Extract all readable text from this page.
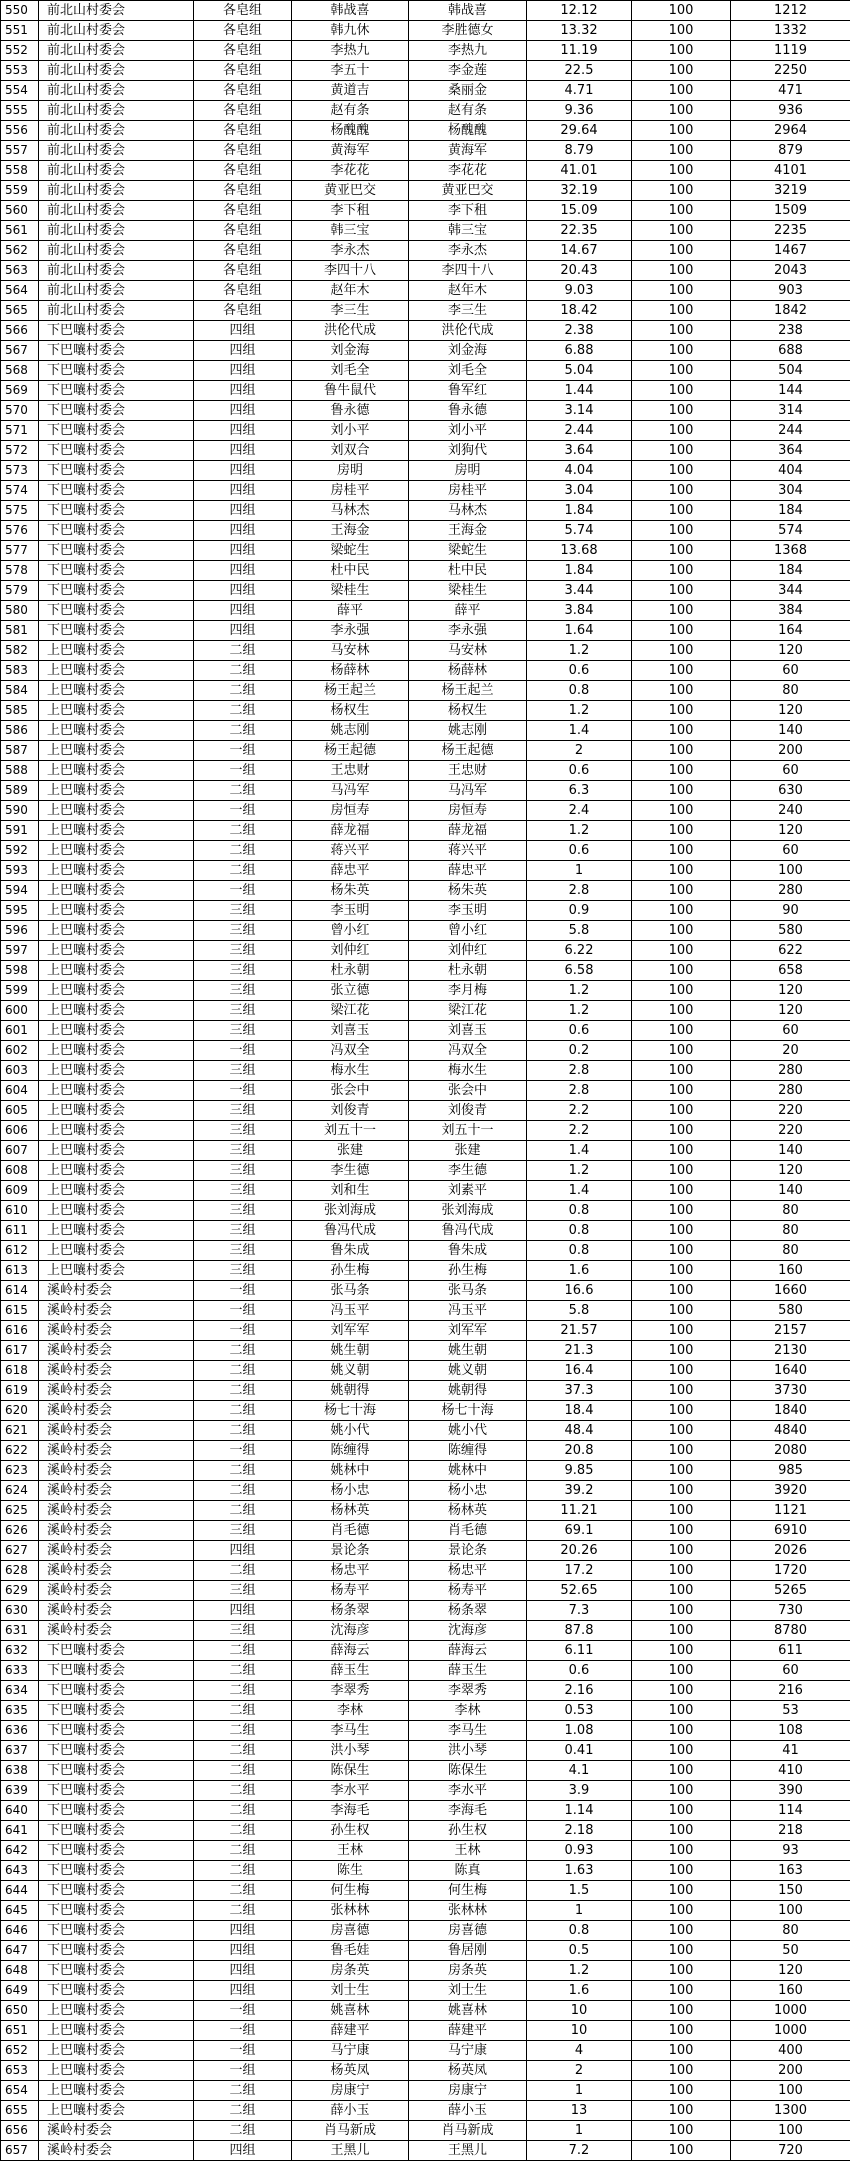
550	前北山村委会	各皂组	韩战喜	韩战喜	12.12	100	1212
551	前北山村委会	各皂组	韩九休	李胜德女	13.32	100	1332
552	前北山村委会	各皂组	李热九	李热九	11.19	100	1119
553	前北山村委会	各皂组	李五十	李金莲	22.5	100	2250
554	前北山村委会	各皂组	黄道吉	桑丽金	4.71	100	471
555	前北山村委会	各皂组	赵有条	赵有条	9.36	100	936
556	前北山村委会	各皂组	杨醜醜	杨醜醜	29.64	100	2964
557	前北山村委会	各皂组	黄海军	黄海军	8.79	100	879
558	前北山村委会	各皂组	李花花	李花花	41.01	100	4101
559	前北山村委会	各皂组	黄亚巴交	黄亚巴交	32.19	100	3219
560	前北山村委会	各皂组	李下租	李下租	15.09	100	1509
561	前北山村委会	各皂组	韩三宝	韩三宝	22.35	100	2235
562	前北山村委会	各皂组	李永杰	李永杰	14.67	100	1467
563	前北山村委会	各皂组	李四十八	李四十八	20.43	100	2043
564	前北山村委会	各皂组	赵年木	赵年木	9.03	100	903
565	前北山村委会	各皂组	李三生	李三生	18.42	100	1842
566	下巴嚷村委会	四组	洪伦代成	洪伦代成	2.38	100	238
567	下巴嚷村委会	四组	刘金海	刘金海	6.88	100	688
568	下巴嚷村委会	四组	刘毛全	刘毛全	5.04	100	504
569	下巴嚷村委会	四组	鲁牛鼠代	鲁军红	1.44	100	144
570	下巴嚷村委会	四组	鲁永德	鲁永德	3.14	100	314
571	下巴嚷村委会	四组	刘小平	刘小平	2.44	100	244
572	下巴嚷村委会	四组	刘双合	刘狗代	3.64	100	364
573	下巴嚷村委会	四组	房明	房明	4.04	100	404
574	下巴嚷村委会	四组	房桂平	房桂平	3.04	100	304
575	下巴嚷村委会	四组	马林杰	马林杰	1.84	100	184
576	下巴嚷村委会	四组	王海金	王海金	5.74	100	574
577	下巴嚷村委会	四组	梁蛇生	梁蛇生	13.68	100	1368
578	下巴嚷村委会	四组	杜中民	杜中民	1.84	100	184
579	下巴嚷村委会	四组	梁桂生	梁桂生	3.44	100	344
580	下巴嚷村委会	四组	薛平	薛平	3.84	100	384
581	下巴嚷村委会	四组	李永强	李永强	1.64	100	164
582	上巴嚷村委会	二组	马安林	马安林	1.2	100	120
583	上巴嚷村委会	二组	杨薛林	杨薛林	0.6	100	60
584	上巴嚷村委会	二组	杨王起兰	杨王起兰	0.8	100	80
585	上巴嚷村委会	二组	杨权生	杨权生	1.2	100	120
586	上巴嚷村委会	二组	姚志刚	姚志刚	1.4	100	140
587	上巴嚷村委会	一组	杨王起德	杨王起德	2	100	200
588	上巴嚷村委会	一组	王忠财	王忠财	0.6	100	60
589	上巴嚷村委会	二组	马冯军	马冯军	6.3	100	630
590	上巴嚷村委会	一组	房恒寿	房恒寿	2.4	100	240
591	上巴嚷村委会	二组	薛龙福	薛龙福	1.2	100	120
592	上巴嚷村委会	二组	蒋兴平	蒋兴平	0.6	100	60
593	上巴嚷村委会	二组	薛忠平	薛忠平	1	100	100
594	上巴嚷村委会	一组	杨朱英	杨朱英	2.8	100	280
595	上巴嚷村委会	三组	李玉明	李玉明	0.9	100	90
596	上巴嚷村委会	三组	曾小红	曾小红	5.8	100	580
597	上巴嚷村委会	三组	刘仲红	刘仲红	6.22	100	622
598	上巴嚷村委会	三组	杜永朝	杜永朝	6.58	100	658
599	上巴嚷村委会	三组	张立德	李月梅	1.2	100	120
600	上巴嚷村委会	三组	梁江花	梁江花	1.2	100	120
601	上巴嚷村委会	三组	刘喜玉	刘喜玉	0.6	100	60
602	上巴嚷村委会	一组	冯双全	冯双全	0.2	100	20
603	上巴嚷村委会	三组	梅水生	梅水生	2.8	100	280
604	上巴嚷村委会	一组	张会中	张会中	2.8	100	280
605	上巴嚷村委会	三组	刘俊青	刘俊青	2.2	100	220
606	上巴嚷村委会	三组	刘五十一	刘五十一	2.2	100	220
607	上巴嚷村委会	三组	张建	张建	1.4	100	140
608	上巴嚷村委会	三组	李生德	李生德	1.2	100	120
609	上巴嚷村委会	三组	刘和生	刘素平	1.4	100	140
610	上巴嚷村委会	三组	张刘海成	张刘海成	0.8	100	80
611	上巴嚷村委会	三组	鲁冯代成	鲁冯代成	0.8	100	80
612	上巴嚷村委会	三组	鲁朱成	鲁朱成	0.8	100	80
613	上巴嚷村委会	三组	孙生梅	孙生梅	1.6	100	160
614	溪岭村委会	一组	张马条	张马条	16.6	100	1660
615	溪岭村委会	一组	冯玉平	冯玉平	5.8	100	580
616	溪岭村委会	一组	刘军军	刘军军	21.57	100	2157
617	溪岭村委会	二组	姚生朝	姚生朝	21.3	100	2130
618	溪岭村委会	二组	姚义朝	姚义朝	16.4	100	1640
619	溪岭村委会	二组	姚朝得	姚朝得	37.3	100	3730
620	溪岭村委会	二组	杨七十海	杨七十海	18.4	100	1840
621	溪岭村委会	二组	姚小代	姚小代	48.4	100	4840
622	溪岭村委会	一组	陈缠得	陈缠得	20.8	100	2080
623	溪岭村委会	二组	姚林中	姚林中	9.85	100	985
624	溪岭村委会	二组	杨小忠	杨小忠	39.2	100	3920
625	溪岭村委会	二组	杨林英	杨林英	11.21	100	1121
626	溪岭村委会	三组	肖毛德	肖毛德	69.1	100	6910
627	溪岭村委会	四组	景论条	景论条	20.26	100	2026
628	溪岭村委会	二组	杨忠平	杨忠平	17.2	100	1720
629	溪岭村委会	三组	杨寿平	杨寿平	52.65	100	5265
630	溪岭村委会	四组	杨条翠	杨条翠	7.3	100	730
631	溪岭村委会	三组	沈海彦	沈海彦	87.8	100	8780
632	下巴嚷村委会	二组	薛海云	薛海云	6.11	100	611
633	下巴嚷村委会	二组	薛玉生	薛玉生	0.6	100	60
634	下巴嚷村委会	二组	李翠秀	李翠秀	2.16	100	216
635	下巴嚷村委会	二组	李林	李林	0.53	100	53
636	下巴嚷村委会	二组	李马生	李马生	1.08	100	108
637	下巴嚷村委会	二组	洪小琴	洪小琴	0.41	100	41
638	下巴嚷村委会	二组	陈保生	陈保生	4.1	100	410
639	下巴嚷村委会	二组	李水平	李水平	3.9	100	390
640	下巴嚷村委会	二组	李海毛	李海毛	1.14	100	114
641	下巴嚷村委会	二组	孙生权	孙生权	2.18	100	218
642	下巴嚷村委会	二组	王林	王林	0.93	100	93
643	下巴嚷村委会	二组	陈生	陈真	1.63	100	163
644	下巴嚷村委会	二组	何生梅	何生梅	1.5	100	150
645	下巴嚷村委会	二组	张林林	张林林	1	100	100
646	下巴嚷村委会	四组	房喜德	房喜德	0.8	100	80
647	下巴嚷村委会	四组	鲁毛娃	鲁居刚	0.5	100	50
648	下巴嚷村委会	四组	房条英	房条英	1.2	100	120
649	下巴嚷村委会	四组	刘士生	刘士生	1.6	100	160
650	上巴嚷村委会	一组	姚喜林	姚喜林	10	100	1000
651	上巴嚷村委会	一组	薛建平	薛建平	10	100	1000
652	上巴嚷村委会	一组	马宁康	马宁康	4	100	400
653	上巴嚷村委会	一组	杨英凤	杨英凤	2	100	200
654	上巴嚷村委会	二组	房康宁	房康宁	1	100	100
655	上巴嚷村委会	二组	薛小玉	薛小玉	13	100	1300
656	溪岭村委会	二组	肖马新成	肖马新成	1	100	100
657	溪岭村委会	四组	王黑儿	王黑儿	7.2	100	720
